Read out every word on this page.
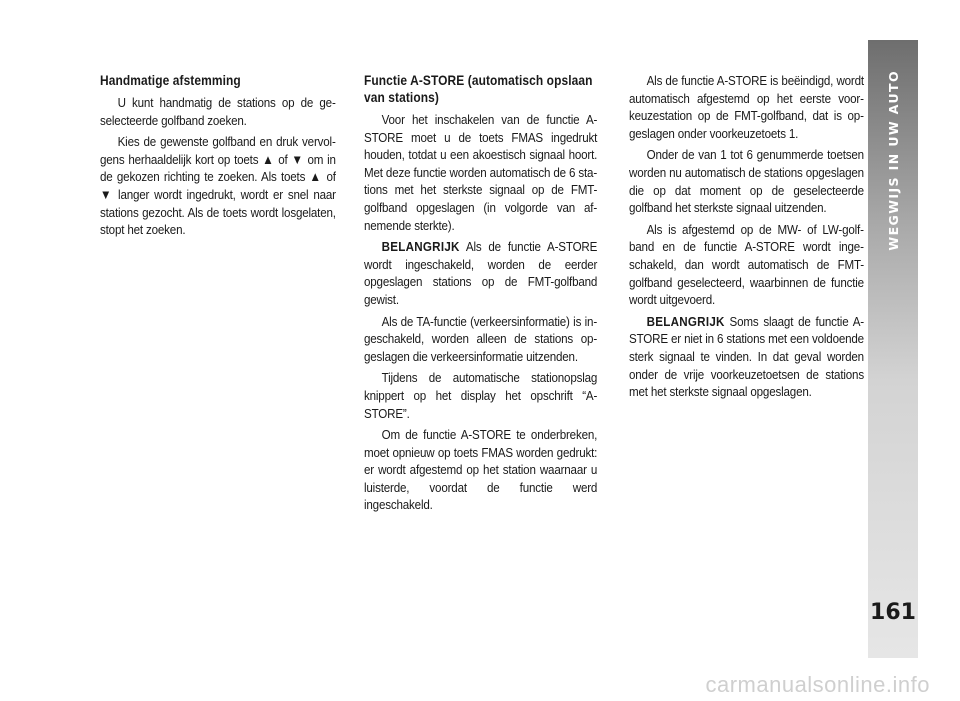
Handmatige afstemming

U kunt handmatig de stations op de geselecteerde golfband zoeken.

Kies de gewenste golfband en druk vervolgens herhaaldelijk kort op toets ▲ of ▼ om in de gekozen richting te zoeken. Als toets ▲ of ▼ langer wordt ingedrukt, wordt er snel naar stations gezocht. Als de toets wordt losgelaten, stopt het zoeken.

Functie A-STORE (automatisch opslaan van stations)

Voor het inschakelen van de functie A-STORE moet u de toets FMAS ingedrukt houden, totdat u een akoestisch signaal hoort. Met deze functie worden automatisch de 6 stations met het sterkste signaal op de FMT-golfband opgeslagen (in volgorde van afnemende sterkte).

BELANGRIJK Als de functie A-STORE wordt ingeschakeld, worden de eerder opgeslagen stations op de FMT-golfband gewist.

Als de TA-functie (verkeersinformatie) is ingeschakeld, worden alleen de stations opgeslagen die verkeersinformatie uitzenden.

Tijdens de automatische stationopslag knippert op het display het opschrift “A-STORE”.

Om de functie A-STORE te onderbreken, moet opnieuw op toets FMAS worden gedrukt: er wordt afgestemd op het station waarnaar u luisterde, voordat de functie werd ingeschakeld.

Als de functie A-STORE is beëindigd, wordt automatisch afgestemd op het eerste voorkeuzestation op de FMT-golfband, dat is opgeslagen onder voorkeuzetoets 1.

Onder de van 1 tot 6 genummerde toetsen worden nu automatisch de stations opgeslagen die op dat moment op de geselecteerde golfband het sterkste signaal uitzenden.

Als is afgestemd op de MW- of LW-golfband en de functie A-STORE wordt ingeschakeld, dan wordt automatisch de FMT-golfband geselecteerd, waarbinnen de functie wordt uitgevoerd.

BELANGRIJK Soms slaagt de functie A-STORE er niet in 6 stations met een voldoende sterk signaal te vinden. In dat geval worden onder de vrije voorkeuzetoetsen de stations met het sterkste signaal opgeslagen.

WEGWIJS IN UW AUTO
161
carmanualsonline.info
